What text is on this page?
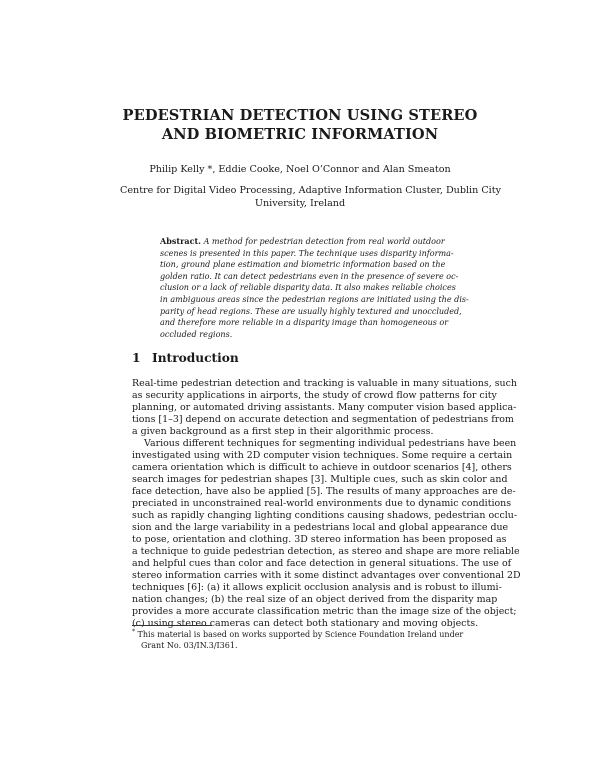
PEDESTRIAN DETECTION USING STEREO
AND BIOMETRIC INFORMATION
Philip Kelly *, Eddie Cooke, Noel O’Connor and Alan Smeaton
Centre for Digital Video Processing, Adaptive Information Cluster, Dublin City
University, Ireland
Abstract. A method for pedestrian detection from real world outdoor
scenes is presented in this paper. The technique uses disparity informa-
tion, ground plane estimation and biometric information based on the
golden ratio. It can detect pedestrians even in the presence of severe oc-
clusion or a lack of reliable disparity data. It also makes reliable choices
in ambiguous areas since the pedestrian regions are initiated using the dis-
parity of head regions. These are usually highly textured and unoccluded,
and therefore more reliable in a disparity image than homogeneous or
occluded regions.
1 Introduction
Real-time pedestrian detection and tracking is valuable in many situations, such
as security applications in airports, the study of crowd flow patterns for city
planning, or automated driving assistants. Many computer vision based applica-
tions [1–3] depend on accurate detection and segmentation of pedestrians from
a given background as a first step in their algorithmic process.
Various different techniques for segmenting individual pedestrians have been
investigated using with 2D computer vision techniques. Some require a certain
camera orientation which is difficult to achieve in outdoor scenarios [4], others
search images for pedestrian shapes [3]. Multiple cues, such as skin color and
face detection, have also be applied [5]. The results of many approaches are de-
preciated in unconstrained real-world environments due to dynamic conditions
such as rapidly changing lighting conditions causing shadows, pedestrian occlu-
sion and the large variability in a pedestrians local and global appearance due
to pose, orientation and clothing. 3D stereo information has been proposed as
a technique to guide pedestrian detection, as stereo and shape are more reliable
and helpful cues than color and face detection in general situations. The use of
stereo information carries with it some distinct advantages over conventional 2D
techniques [6]: (a) it allows explicit occlusion analysis and is robust to illumi-
nation changes; (b) the real size of an object derived from the disparity map
provides a more accurate classification metric than the image size of the object;
(c) using stereo cameras can detect both stationary and moving objects.
* This material is based on works supported by Science Foundation Ireland under
Grant No. 03/IN.3/I361.
